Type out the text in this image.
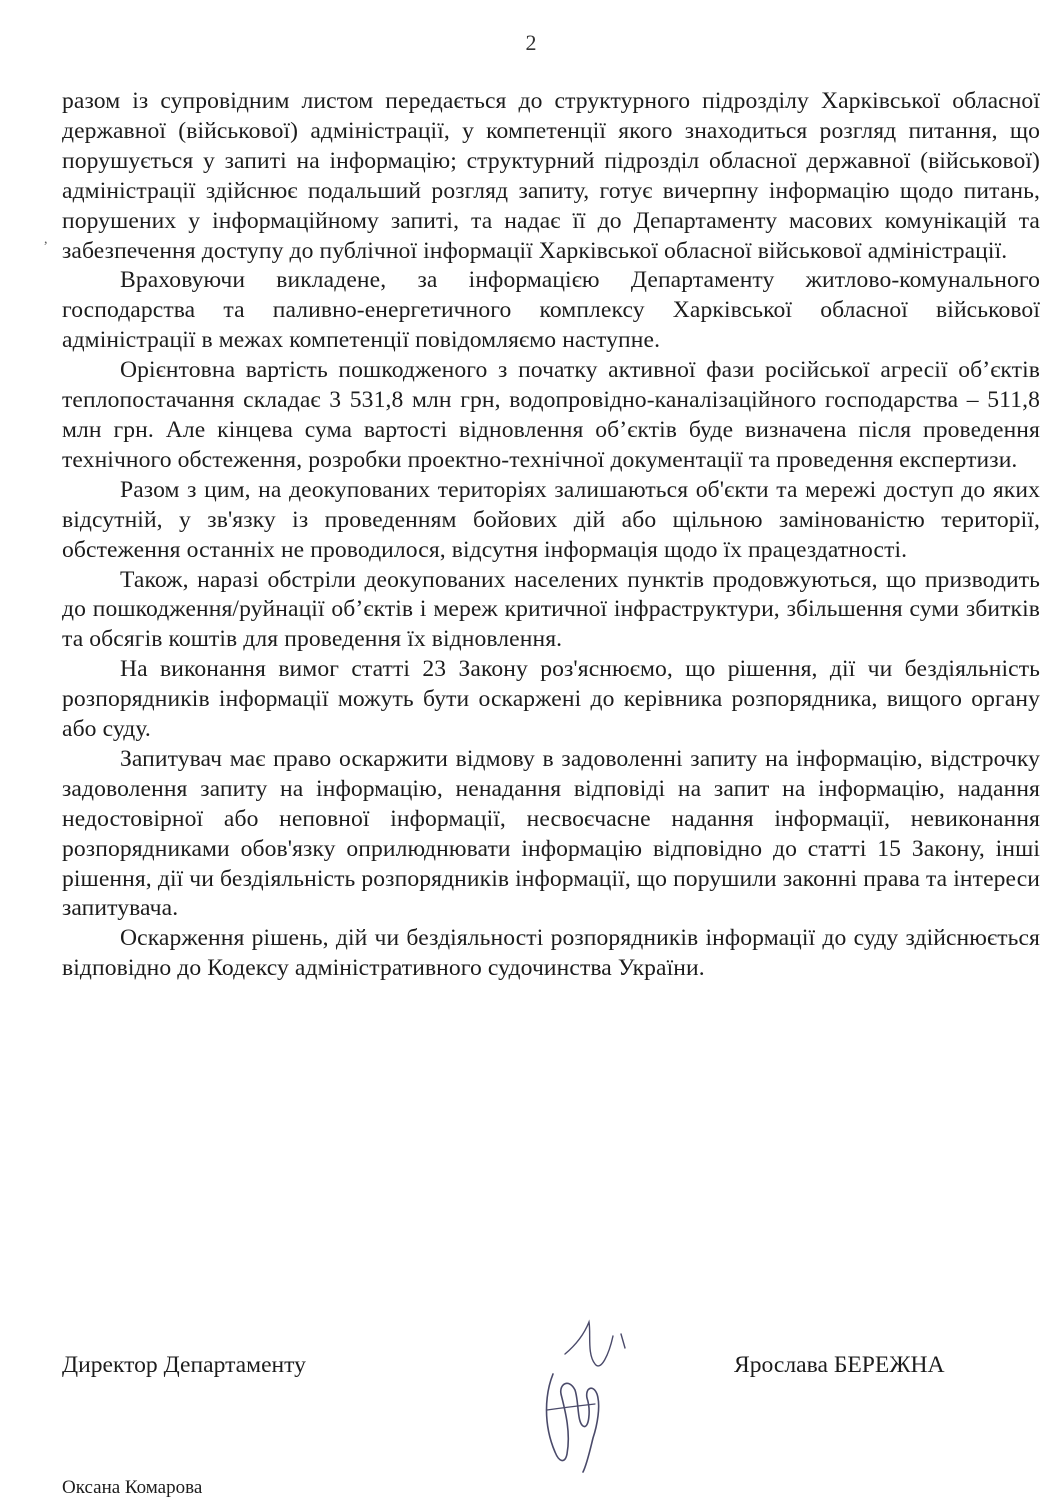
2
,

разом із супровідним листом передається до структурного підрозділу Харківської обласної державної (військової) адміністрації, у компетенції якого знаходиться розгляд питання, що порушується у запиті на інформацію; структурний підрозділ обласної державної (військової) адміністрації здійснює подальший розгляд запиту, готує вичерпну інформацію щодо питань, порушених у інформаційному запиті, та надає її до Департаменту масових комунікацій та забезпечення доступу до публічної інформації Харківської обласної військової адміністрації.

Враховуючи викладене, за інформацією Департаменту житлово-комунального господарства та паливно-енергетичного комплексу Харківської обласної військової адміністрації в межах компетенції повідомляємо наступне.

Орієнтовна вартість пошкодженого з початку активної фази російської агресії об’єктів теплопостачання складає 3 531,8 млн грн, водопровідно-каналізаційного господарства – 511,8 млн грн. Але кінцева сума вартості відновлення об’єктів буде визначена після проведення технічного обстеження, розробки проектно-технічної документації та проведення експертизи.

Разом з цим, на деокупованих територіях залишаються об'єкти та мережі доступ до яких відсутній, у зв'язку із проведенням бойових дій або щільною замінованістю території, обстеження останніх не проводилося, відсутня інформація щодо їх працездатності.

Також, наразі обстріли деокупованих населених пунктів продовжуються, що призводить до пошкодження/руйнації об’єктів і мереж критичної інфраструктури, збільшення суми збитків та обсягів коштів для проведення їх відновлення.

На виконання вимог статті 23 Закону роз'яснюємо, що рішення, дії чи бездіяльність розпорядників інформації можуть бути оскаржені до керівника розпорядника, вищого органу або суду.

Запитувач має право оскаржити відмову в задоволенні запиту на інформацію, відстрочку задоволення запиту на інформацію, ненадання відповіді на запит на інформацію, надання недостовірної або неповної інформації, несвоєчасне надання інформації, невиконання розпорядниками обов'язку оприлюднювати інформацію відповідно до статті 15 Закону, інші рішення, дії чи бездіяльність розпорядників інформації, що порушили законні права та інтереси запитувача.

Оскарження рішень, дій чи бездіяльності розпорядників інформації до суду здійснюється відповідно до Кодексу адміністративного судочинства України.

Директор Департаменту	Ярослава БЕРЕЖНА
Оксана Комарова
